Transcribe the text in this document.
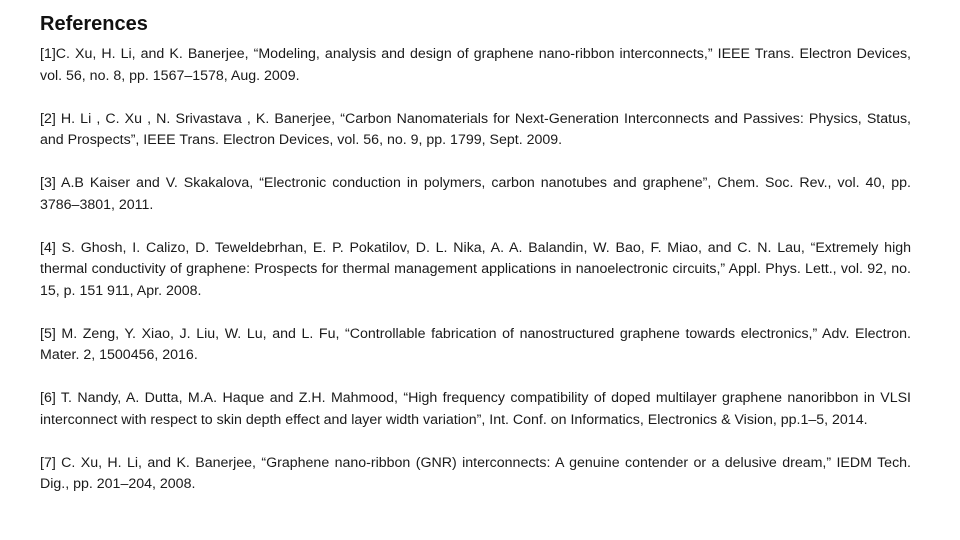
References
[1]C. Xu, H. Li, and K. Banerjee, “Modeling, analysis and design of graphene nano-ribbon interconnects,” IEEE Trans. Electron Devices, vol. 56, no. 8, pp. 1567–1578, Aug. 2009.
[2] H. Li , C. Xu , N. Srivastava , K. Banerjee, “Carbon Nanomaterials for Next-Generation Interconnects and Passives: Physics, Status, and Prospects”, IEEE Trans. Electron Devices, vol. 56, no. 9, pp. 1799, Sept. 2009.
[3] A.B Kaiser and V. Skakalova, “Electronic conduction in polymers, carbon nanotubes and graphene”, Chem. Soc. Rev., vol. 40, pp. 3786–3801, 2011.
[4] S. Ghosh, I. Calizo, D. Teweldebrhan, E. P. Pokatilov, D. L. Nika, A. A. Balandin, W. Bao, F. Miao, and C. N. Lau, “Extremely high thermal conductivity of graphene: Prospects for thermal management applications in nanoelectronic circuits,” Appl. Phys. Lett., vol. 92, no. 15, p. 151 911, Apr. 2008.
[5] M. Zeng, Y. Xiao, J. Liu, W. Lu, and L. Fu, “Controllable fabrication of nanostructured graphene towards electronics,” Adv. Electron. Mater. 2, 1500456, 2016.
[6] T. Nandy, A. Dutta, M.A. Haque and Z.H. Mahmood, “High frequency compatibility of doped multilayer graphene nanoribbon in VLSI interconnect with respect to skin depth effect and layer width variation”, Int. Conf. on Informatics, Electronics & Vision, pp.1–5, 2014.
[7] C. Xu, H. Li, and K. Banerjee, “Graphene nano-ribbon (GNR) interconnects: A genuine contender or a delusive dream,” IEDM Tech. Dig., pp. 201–204, 2008.
